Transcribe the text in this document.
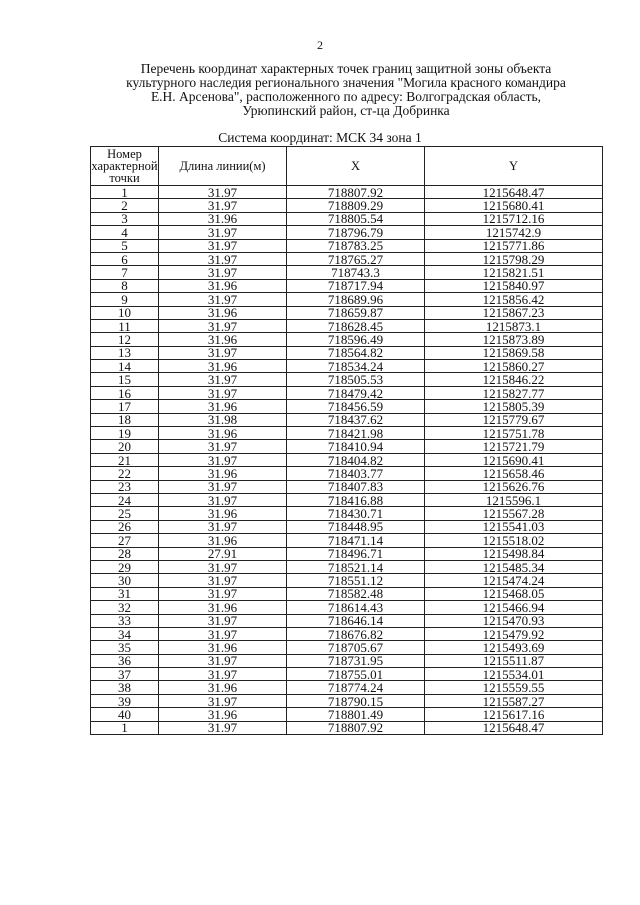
2
Перечень координат характерных точек границ защитной зоны объекта
культурного наследия регионального значения "Могила красного командира
Е.Н. Арсенова", расположенного по адресу: Волгоградская область,
Урюпинский район, ст-ца Добринка
Система координат: МСК 34 зона 1
Номер характерной точки	Длина линии(м)	X	Y
1	31.97	718807.92	1215648.47
2	31.97	718809.29	1215680.41
3	31.96	718805.54	1215712.16
4	31.97	718796.79	1215742.9
5	31.97	718783.25	1215771.86
6	31.97	718765.27	1215798.29
7	31.97	718743.3	1215821.51
8	31.96	718717.94	1215840.97
9	31.97	718689.96	1215856.42
10	31.96	718659.87	1215867.23
11	31.97	718628.45	1215873.1
12	31.96	718596.49	1215873.89
13	31.97	718564.82	1215869.58
14	31.96	718534.24	1215860.27
15	31.97	718505.53	1215846.22
16	31.97	718479.42	1215827.77
17	31.96	718456.59	1215805.39
18	31.98	718437.62	1215779.67
19	31.96	718421.98	1215751.78
20	31.97	718410.94	1215721.79
21	31.97	718404.82	1215690.41
22	31.96	718403.77	1215658.46
23	31.97	718407.83	1215626.76
24	31.97	718416.88	1215596.1
25	31.96	718430.71	1215567.28
26	31.97	718448.95	1215541.03
27	31.96	718471.14	1215518.02
28	27.91	718496.71	1215498.84
29	31.97	718521.14	1215485.34
30	31.97	718551.12	1215474.24
31	31.97	718582.48	1215468.05
32	31.96	718614.43	1215466.94
33	31.97	718646.14	1215470.93
34	31.97	718676.82	1215479.92
35	31.96	718705.67	1215493.69
36	31.97	718731.95	1215511.87
37	31.97	718755.01	1215534.01
38	31.96	718774.24	1215559.55
39	31.97	718790.15	1215587.27
40	31.96	718801.49	1215617.16
1	31.97	718807.92	1215648.47
